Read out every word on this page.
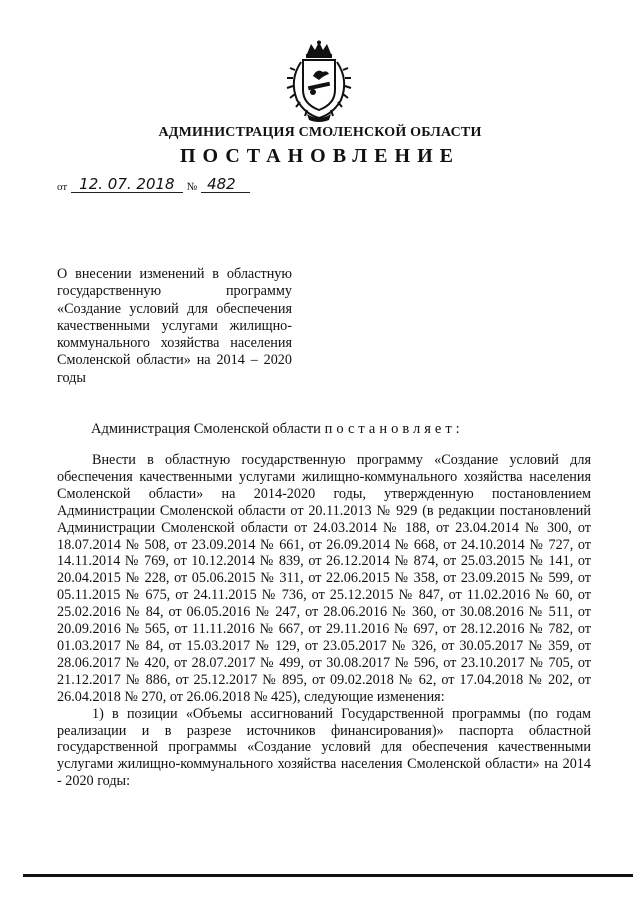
АДМИНИСТРАЦИЯ СМОЛЕНСКОЙ ОБЛАСТИ
ПОСТАНОВЛЕНИЕ
от 12. 07. 2018	№ 482
О внесении изменений в областную государственную программу «Создание условий для обеспечения качественными услугами жилищно-коммунального хозяйства населения Смоленской области» на 2014 – 2020 годы
Администрация Смоленской области постановляет:

Внести в областную государственную программу «Создание условий для обеспечения качественными услугами жилищно-коммунального хозяйства населения Смоленской области» на 2014-2020 годы, утвержденную постановлением Администрации Смоленской области от 20.11.2013 № 929 (в редакции постановлений Администрации Смоленской области от 24.03.2014 № 188, от 23.04.2014 № 300, от 18.07.2014 № 508, от 23.09.2014 № 661, от 26.09.2014 № 668, от 24.10.2014 № 727, от 14.11.2014 № 769, от 10.12.2014 № 839, от 26.12.2014 № 874, от 25.03.2015 № 141, от 20.04.2015 № 228, от 05.06.2015 № 311, от 22.06.2015 № 358, от 23.09.2015 № 599, от 05.11.2015 № 675, от 24.11.2015 № 736, от 25.12.2015 № 847, от 11.02.2016 № 60, от 25.02.2016 № 84, от 06.05.2016 № 247, от 28.06.2016 № 360, от 30.08.2016 № 511, от 20.09.2016 № 565, от 11.11.2016 № 667, от 29.11.2016 № 697, от 28.12.2016 № 782, от 01.03.2017 № 84, от 15.03.2017 № 129, от 23.05.2017 № 326, от 30.05.2017 № 359, от 28.06.2017 № 420, от 28.07.2017 № 499, от 30.08.2017 № 596, от 23.10.2017 № 705, от 21.12.2017 № 886, от 25.12.2017 № 895, от 09.02.2018 № 62, от 17.04.2018 № 202, от 26.04.2018 № 270, от 26.06.2018 № 425), следующие изменения:

1) в позиции «Объемы ассигнований Государственной программы (по годам реализации и в разрезе источников финансирования)» паспорта областной государственной программы «Создание условий для обеспечения качественными услугами жилищно-коммунального хозяйства населения Смоленской области» на 2014 - 2020 годы:
